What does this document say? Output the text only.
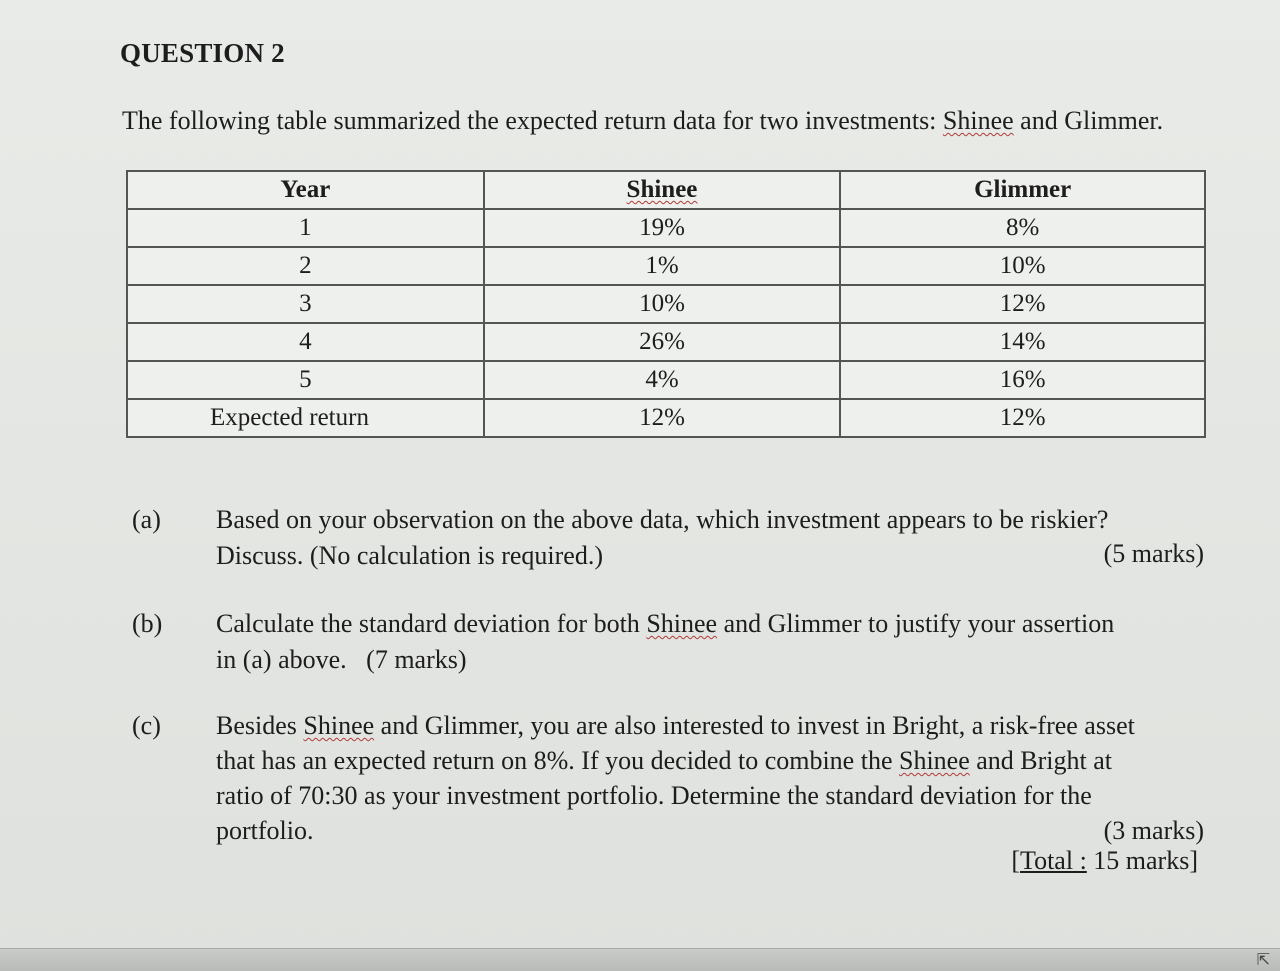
QUESTION 2
The following table summarized the expected return data for two investments: Shinee and Glimmer.
Year	Shinee	Glimmer
1	19%	8%
2	1%	10%
3	10%	12%
4	26%	14%
5	4%	16%
Expected return	12%	12%
(a)	Based on your observation on the above data, which investment appears to be riskier?
Discuss. (No calculation is required.)	(5 marks)
(b)	Calculate the standard deviation for both Shinee and Glimmer to justify your assertion
in (a) above.   (7 marks)
(c)	Besides Shinee and Glimmer, you are also interested to invest in Bright, a risk-free asset
that has an expected return on 8%. If you decided to combine the Shinee and Bright at
ratio of 70:30 as your investment portfolio. Determine the standard deviation for the
portfolio.	(3 marks)
[Total : 15 marks]
⇱
